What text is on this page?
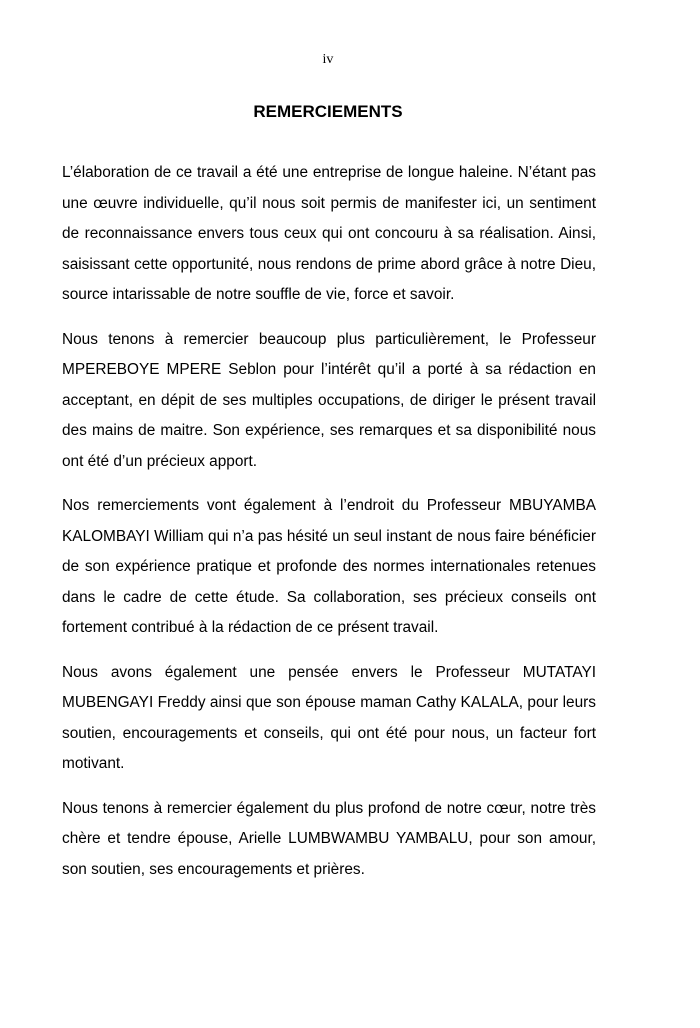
iv
REMERCIEMENTS

L’élaboration de ce travail a été une entreprise de longue haleine. N’étant pas une œuvre individuelle, qu’il nous soit permis de manifester ici, un sentiment de reconnaissance envers tous ceux qui ont concouru à sa réalisation. Ainsi, saisissant cette opportunité, nous rendons de prime abord grâce à notre Dieu, source intarissable de notre souffle de vie, force et savoir.

Nous tenons à remercier beaucoup plus particulièrement, le Professeur MPEREBOYE MPERE Seblon pour l’intérêt qu’il a porté à sa rédaction en acceptant, en dépit de ses multiples occupations, de diriger le présent travail des mains de maitre. Son expérience, ses remarques et sa disponibilité nous ont été d’un précieux apport.

Nos remerciements vont également à l’endroit du Professeur MBUYAMBA KALOMBAYI William qui n’a pas hésité un seul instant de nous faire bénéficier de son expérience pratique et profonde des normes internationales retenues dans le cadre de cette étude. Sa collaboration, ses précieux conseils ont fortement contribué à la rédaction de ce présent travail.

Nous avons également une pensée envers le Professeur MUTATAYI MUBENGAYI Freddy ainsi que son épouse maman Cathy KALALA, pour leurs soutien, encouragements et conseils, qui ont été pour nous, un facteur fort motivant.

Nous tenons à remercier également du plus profond de notre cœur, notre très chère et tendre épouse, Arielle LUMBWAMBU YAMBALU, pour son amour, son soutien, ses encouragements et prières.
